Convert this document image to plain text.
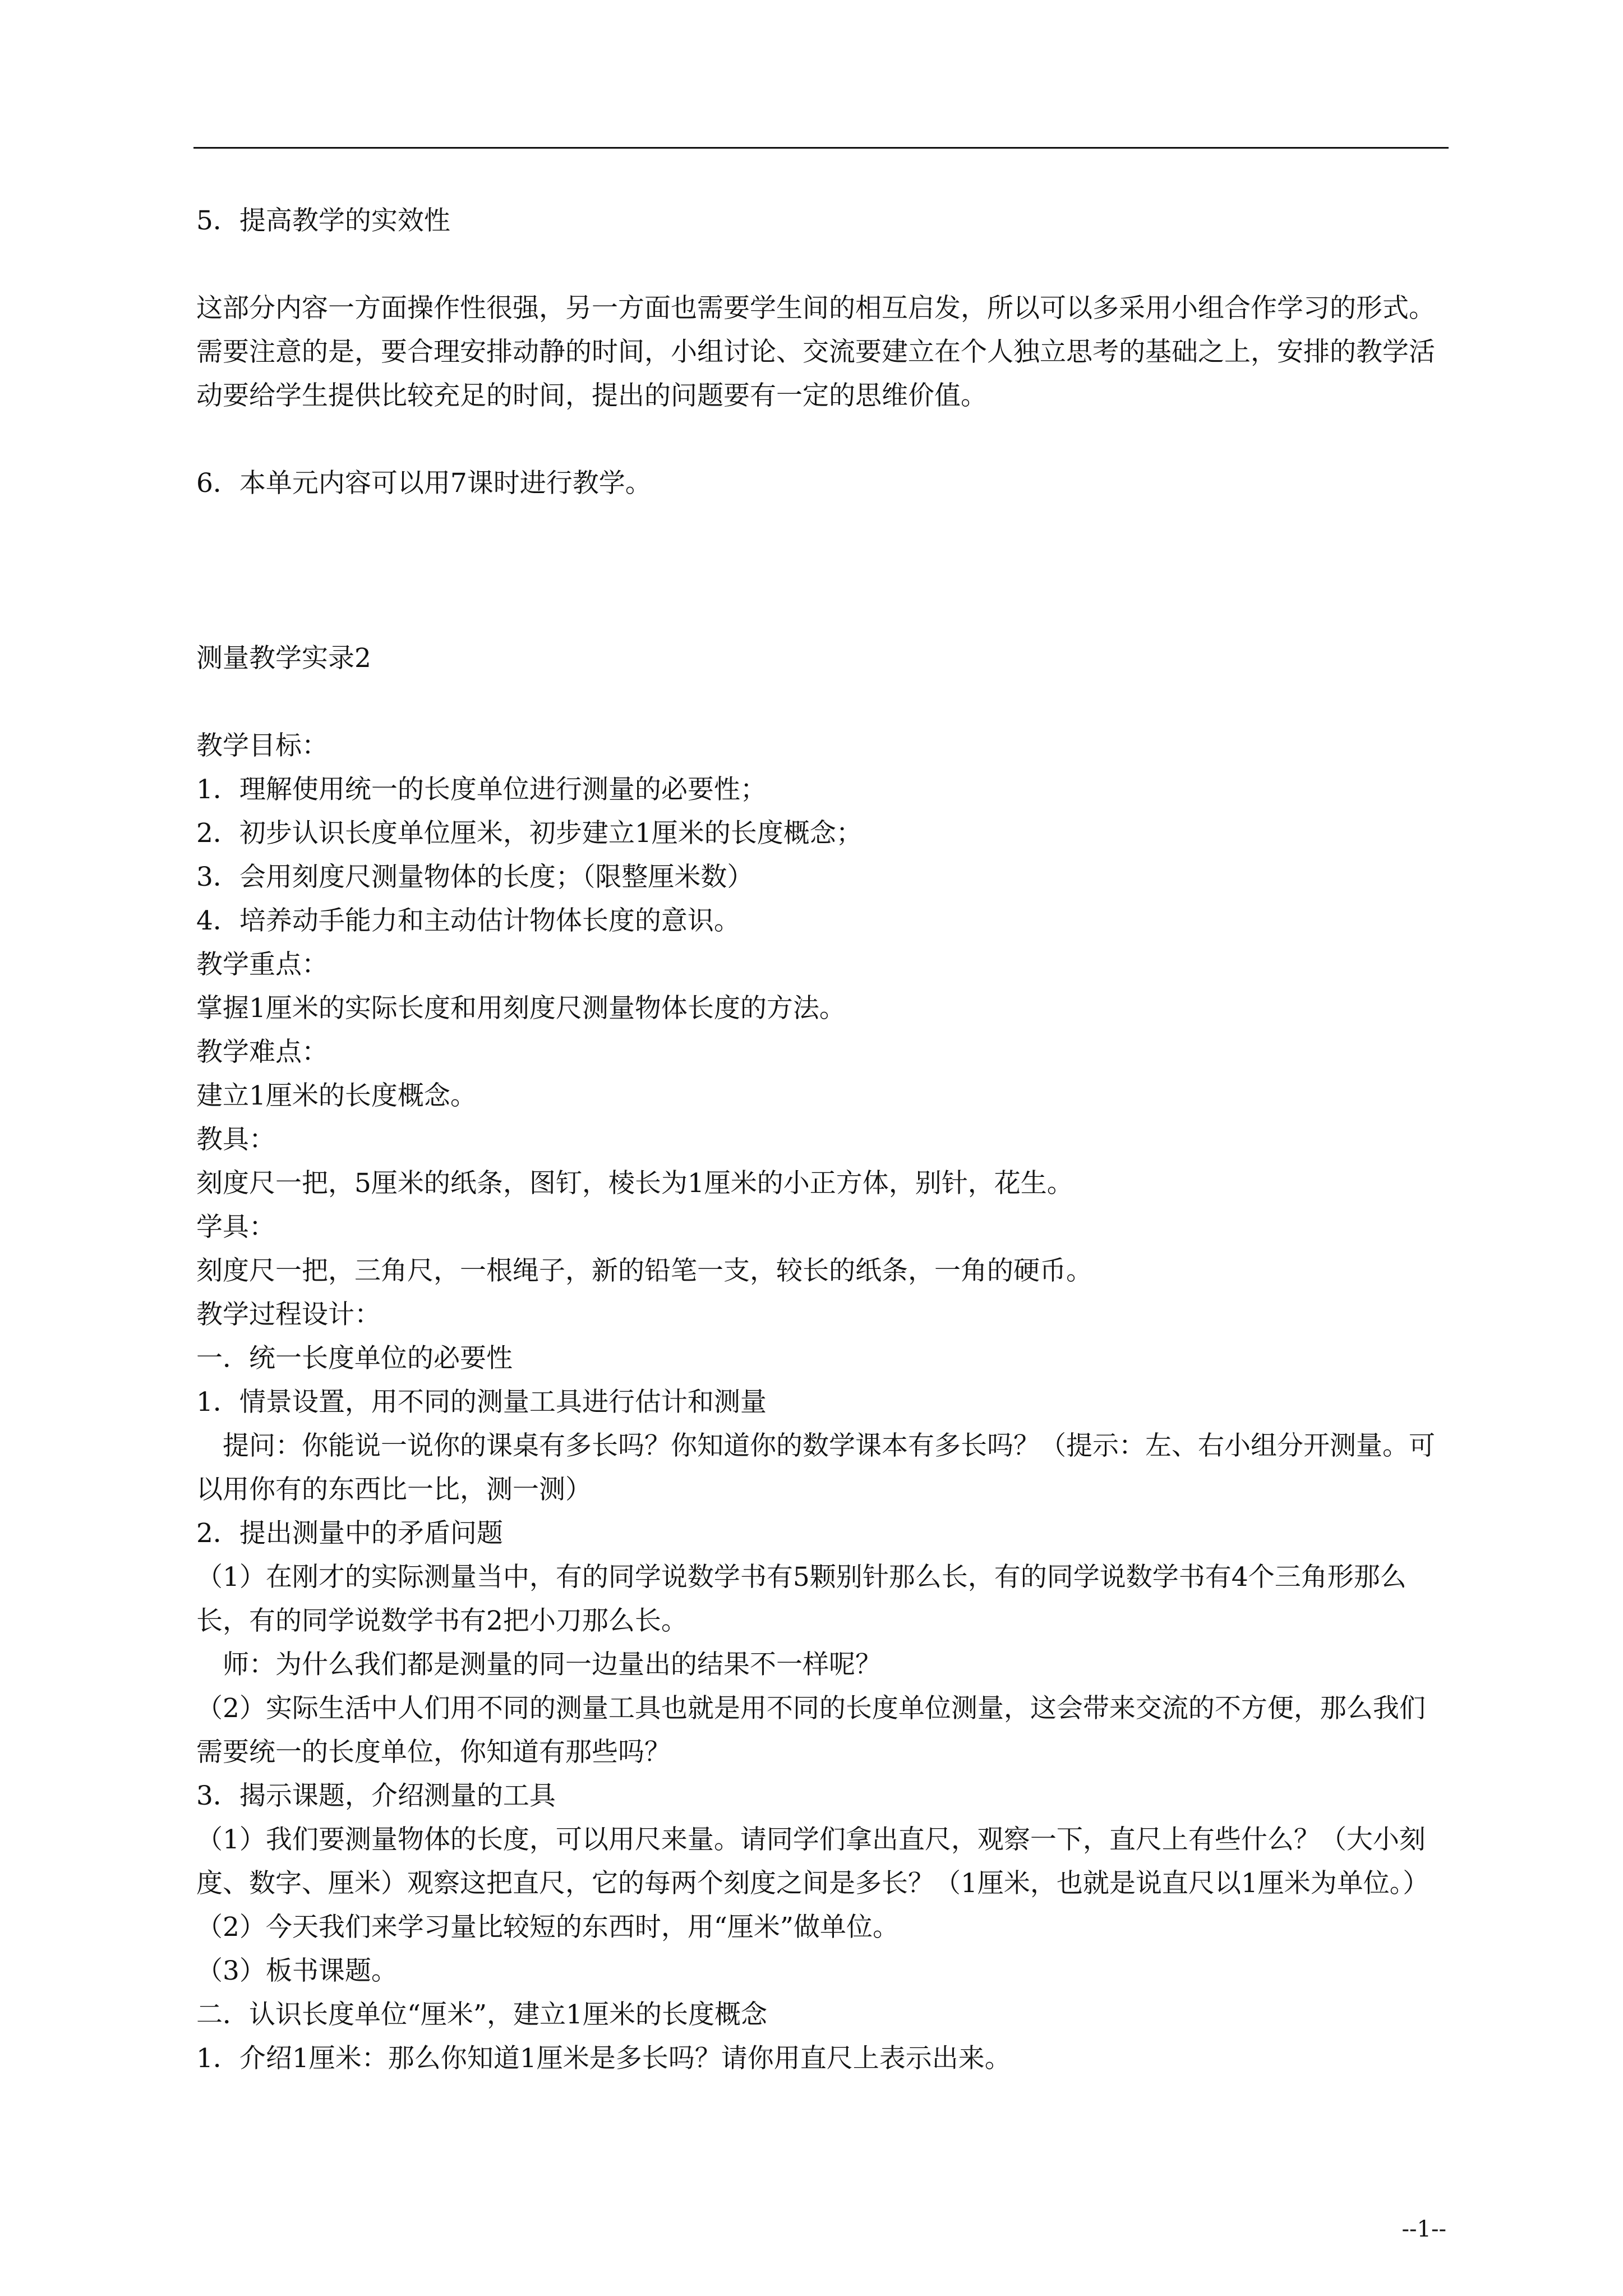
5．提高教学的实效性

这部分内容一方面操作性很强，另一方面也需要学生间的相互启发，所以可以多采用小组合作学习的形式。需要注意的是，要合理安排动静的时间，小组讨论、交流要建立在个人独立思考的基础之上，安排的教学活动要给学生提供比较充足的时间，提出的问题要有一定的思维价值。

6．本单元内容可以用7课时进行教学。

测量教学实录2

教学目标：

1．理解使用统一的长度单位进行测量的必要性；

2．初步认识长度单位厘米，初步建立1厘米的长度概念；

3．会用刻度尺测量物体的长度；（限整厘米数）

4．培养动手能力和主动估计物体长度的意识。

教学重点：

掌握1厘米的实际长度和用刻度尺测量物体长度的方法。

教学难点：

建立1厘米的长度概念。

教具：

刻度尺一把，5厘米的纸条，图钉，棱长为1厘米的小正方体，别针，花生。

学具：

刻度尺一把，三角尺，一根绳子，新的铅笔一支，较长的纸条，一角的硬币。

教学过程设计：

一．统一长度单位的必要性

1．情景设置，用不同的测量工具进行估计和测量

提问：你能说一说你的课桌有多长吗？你知道你的数学课本有多长吗？（提示：左、右小组分开测量。可以用你有的东西比一比，测一测）

2．提出测量中的矛盾问题

（1）在刚才的实际测量当中，有的同学说数学书有5颗别针那么长，有的同学说数学书有4个三角形那么长，有的同学说数学书有2把小刀那么长。

师：为什么我们都是测量的同一边量出的结果不一样呢？

（2）实际生活中人们用不同的测量工具也就是用不同的长度单位测量，这会带来交流的不方便，那么我们需要统一的长度单位，你知道有那些吗？

3．揭示课题，介绍测量的工具

（1）我们要测量物体的长度，可以用尺来量。请同学们拿出直尺，观察一下，直尺上有些什么？（大小刻度、数字、厘米）观察这把直尺，它的每两个刻度之间是多长？（1厘米，也就是说直尺以1厘米为单位。）

（2）今天我们来学习量比较短的东西时，用“厘米”做单位。

（3）板书课题。

二．认识长度单位“厘米”，建立1厘米的长度概念

1．介绍1厘米：那么你知道1厘米是多长吗？请你用直尺上表示出来。

--1--
